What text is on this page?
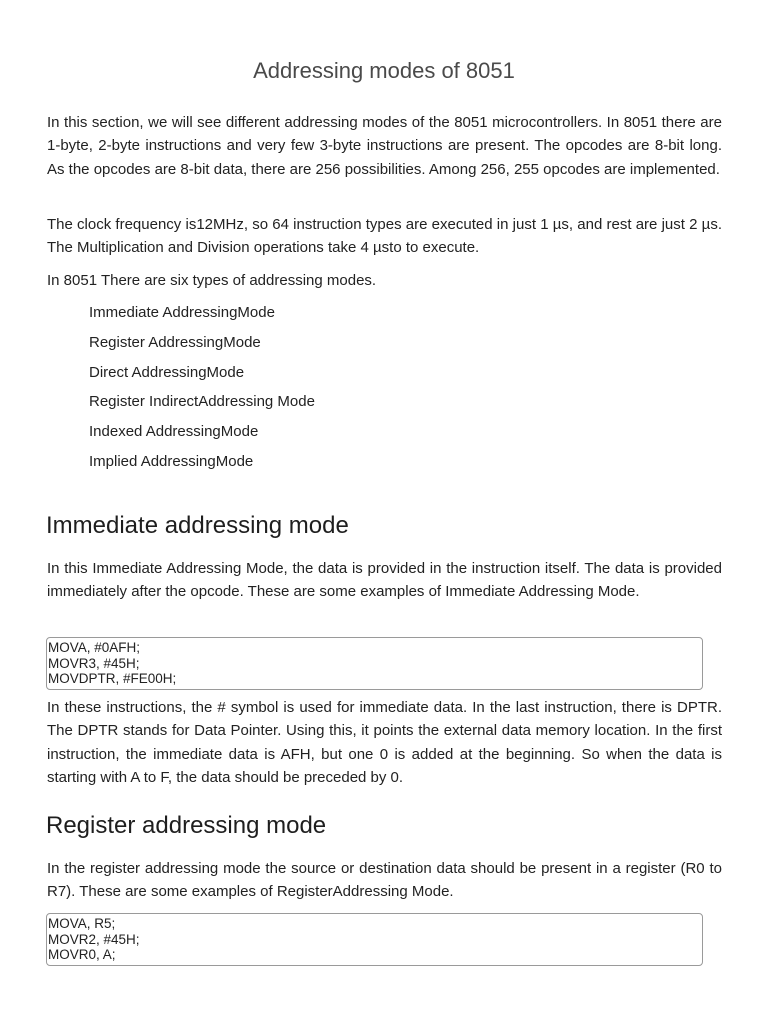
Addressing modes of 8051

In this section, we will see different addressing modes of the 8051 microcontrollers. In 8051 there are 1-byte, 2-byte instructions and very few 3-byte instructions are present. The opcodes are 8-bit long. As the opcodes are 8-bit data, there are 256 possibilities. Among 256, 255 opcodes are implemented.

The clock frequency is12MHz, so 64 instruction types are executed in just 1 µs, and rest are just 2 µs. The Multiplication and Division operations take 4 µsto to execute.

In 8051 There are six types of addressing modes.

Immediate AddressingMode
Register AddressingMode
Direct AddressingMode
Register IndirectAddressing Mode
Indexed AddressingMode
Implied AddressingMode
Immediate addressing mode

In this Immediate Addressing Mode, the data is provided in the instruction itself. The data is provided immediately after the opcode. These are some examples of Immediate Addressing Mode.

MOVA, #0AFH;
MOVR3, #45H;
MOVDPTR, #FE00H;

In these instructions, the # symbol is used for immediate data. In the last instruction, there is DPTR. The DPTR stands for Data Pointer. Using this, it points the external data memory location. In the first instruction, the immediate data is AFH, but one 0 is added at the beginning. So when the data is starting with A to F, the data should be preceded by 0.

Register addressing mode

In the register addressing mode the source or destination data should be present in a register (R0 to R7). These are some examples of RegisterAddressing Mode.

MOVA, R5;
MOVR2, #45H;
MOVR0, A;
